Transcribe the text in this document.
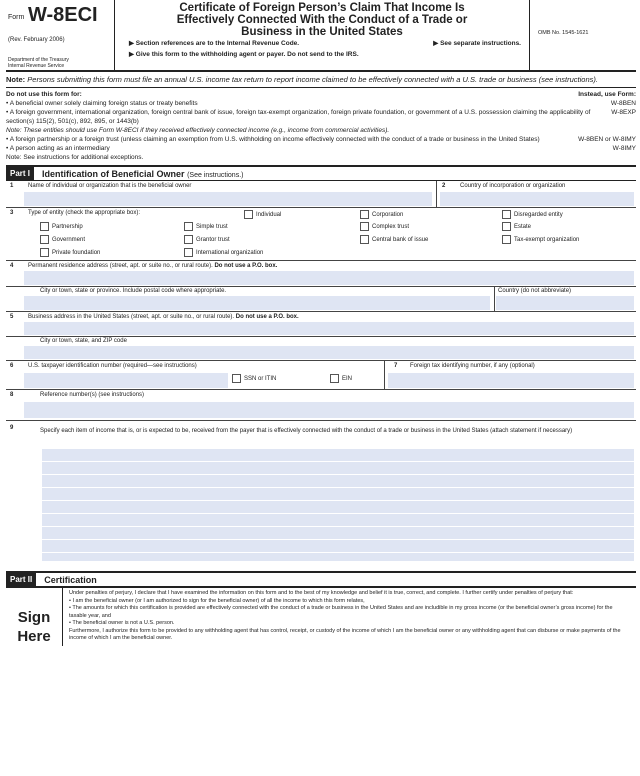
Form W-8ECI
(Rev. February 2006)
Department of the Treasury
Internal Revenue Service
Certificate of Foreign Person’s Claim That Income Is
Effectively Connected With the Conduct of a Trade or
Business in the United States
▶ Section references are to the Internal Revenue Code.	▶ See separate instructions.
▶ Give this form to the withholding agent or payer. Do not send to the IRS.
OMB No. 1545-1621
Note: Persons submitting this form must file an annual U.S. income tax return to report income claimed to be effectively connected with a U.S. trade or business (see instructions).
Do not use this form for:	Instead, use Form:
• A beneficial owner solely claiming foreign status or treaty benefits	W-8BEN
• A foreign government, international organization, foreign central bank of issue, foreign tax-exempt organization, foreign private foundation, or government of a U.S. possession claiming the applicability of section(s) 115(2), 501(c), 892, 895, or 1443(b)
W-8EXP
Note: These entities should use Form W-8ECI if they received effectively connected income (e.g., income from commercial activities).
• A foreign partnership or a foreign trust (unless claiming an exemption from U.S. withholding on income effectively connected with the conduct of a trade or business in the United States)	W-8BEN or W-8IMY
• A person acting as an intermediary	W-8IMY
Note: See instructions for additional exceptions.
Part I	Identification of Beneficial Owner (See instructions.)
1 Name of individual or organization that is the beneficial owner	2 Country of incorporation or organization
3 Type of entity (check the appropriate box):	Individual	Corporation	Disregarded entity
Partnership	Simple trust	Complex trust	Estate
Government	Grantor trust	Central bank of issue	Tax-exempt organization
Private foundation	International organization
4 Permanent residence address (street, apt. or suite no., or rural route). Do not use a P.O. box.
City or town, state or province. Include postal code where appropriate.	Country (do not abbreviate)
5 Business address in the United States (street, apt. or suite no., or rural route). Do not use a P.O. box.
City or town, state, and ZIP code
6 U.S. taxpayer identification number (required—see instructions)
SSN or ITIN	EIN
7 Foreign tax identifying number, if any (optional)
8	Reference number(s) (see instructions)
9	Specify each item of income that is, or is expected to be, received from the payer that is effectively connected with the conduct of a trade or business in the United States (attach statement if necessary)
Part II	Certification
Sign
Here
Under penalties of perjury, I declare that I have examined the information on this form and to the best of my knowledge and belief it is true, correct, and complete. I further certify under penalties of perjury that:
• I am the beneficial owner (or I am authorized to sign for the beneficial owner) of all the income to which this form relates,
• The amounts for which this certification is provided are effectively connected with the conduct of a trade or business in the United States and are includible in my gross income (or the beneficial owner’s gross income) for the taxable year, and
• The beneficial owner is not a U.S. person.
Furthermore, I authorize this form to be provided to any withholding agent that has control, receipt, or custody of the income of which I am the beneficial owner or any withholding agent that can disburse or make payments of the income of which I am the beneficial owner.
